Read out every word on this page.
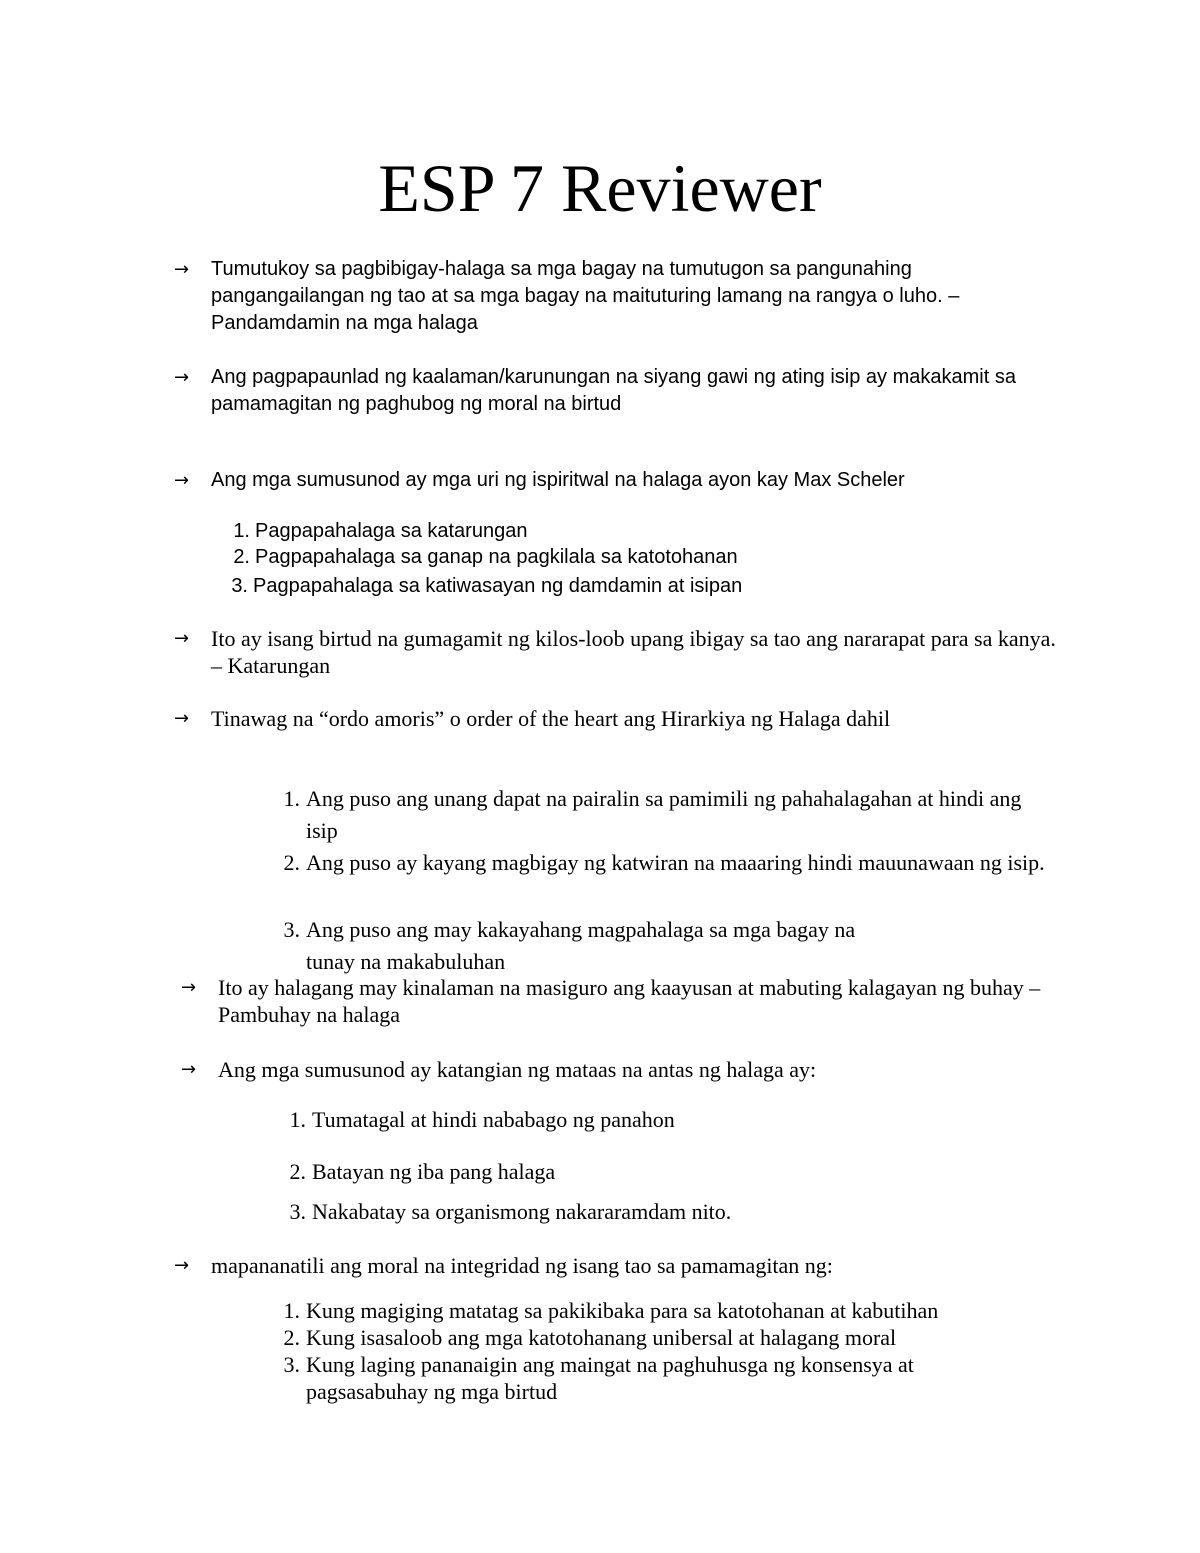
ESP 7 Reviewer
→ Tumutukoy sa pagbibigay-halaga sa mga bagay na tumutugon sa pangunahing pangangailangan ng tao at sa mga bagay na maituturing lamang na rangya o luho. – Pandamdamin na mga halaga

→ Ang pagpapaunlad ng kaalaman/karunungan na siyang gawi ng ating isip ay makakamit sa pamamagitan ng paghubog ng moral na birtud

→ Ang mga sumusunod ay mga uri ng ispiritwal na halaga ayon kay Max Scheler

1. Pagpapahalaga sa katarungan
2. Pagpapahalaga sa ganap na pagkilala sa katotohanan
3. Pagpapahalaga sa katiwasayan ng damdamin at isipan
→ Ito ay isang birtud na gumagamit ng kilos-loob upang ibigay sa tao ang nararapat para sa kanya. – Katarungan

→ Tinawag na “ordo amoris” o order of the heart ang Hirarkiya ng Halaga dahil

1. Ang puso ang unang dapat na pairalin sa pamimili ng pahahalagahan at hindi ang isip
2. Ang puso ay kayang magbigay ng katwiran na maaaring hindi mauunawaan ng isip.
3. Ang puso ang may kakayahang magpahalaga sa mga bagay na tunay na makabuluhan
→ Ito ay halagang may kinalaman na masiguro ang kaayusan at mabuting kalagayan ng buhay – Pambuhay na halaga

→ Ang mga sumusunod ay katangian ng mataas na antas ng halaga ay:

1. Tumatagal at hindi nababago ng panahon
2. Batayan ng iba pang halaga
3. Nakabatay sa organismong nakararamdam nito.
→ mapananatili ang moral na integridad ng isang tao sa pamamagitan ng:

1. Kung magiging matatag sa pakikibaka para sa katotohanan at kabutihan
2. Kung isasaloob ang mga katotohanang unibersal at halagang moral
3. Kung laging pananaigin ang maingat na paghuhusga ng konsensya at pagsasabuhay ng mga birtud
